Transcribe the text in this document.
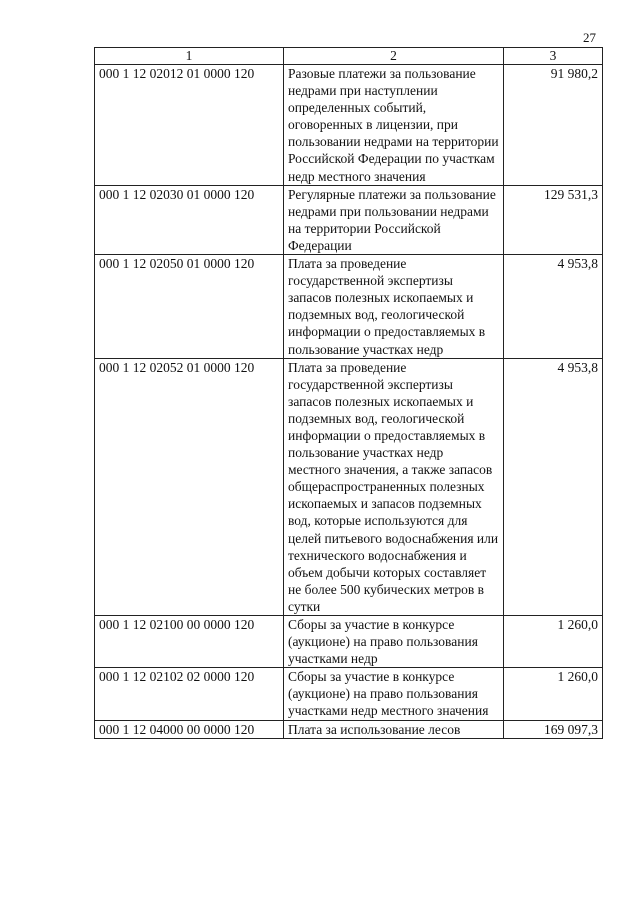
27
1	2	3
000 1 12 02012 01 0000 120	Разовые платежи за пользование недрами при наступлении определенных событий, оговоренных в лицензии, при пользовании недрами на территории Российской Федерации по участкам недр местного значения	91 980,2
000 1 12 02030 01 0000 120	Регулярные платежи за пользование недрами при пользовании недрами на территории Российской Федерации	129 531,3
000 1 12 02050 01 0000 120	Плата за проведение государственной экспертизы запасов полезных ископаемых и подземных вод, геологической информации о предоставляемых в пользование участках недр	4 953,8
000 1 12 02052 01 0000 120	Плата за проведение государственной экспертизы запасов полезных ископаемых и подземных вод, геологической информации о предоставляемых в пользование участках недр местного значения, а также запасов общераспространенных полезных ископаемых и запасов подземных вод, которые используются для целей питьевого водоснабжения или технического водоснабжения и объем добычи которых составляет не более 500 кубических метров в сутки	4 953,8
000 1 12 02100 00 0000 120	Сборы за участие в конкурсе (аукционе) на право пользования участками недр	1 260,0
000 1 12 02102 02 0000 120	Сборы за участие в конкурсе (аукционе) на право пользования участками недр местного значения	1 260,0
000 1 12 04000 00 0000 120	Плата за использование лесов	169 097,3
